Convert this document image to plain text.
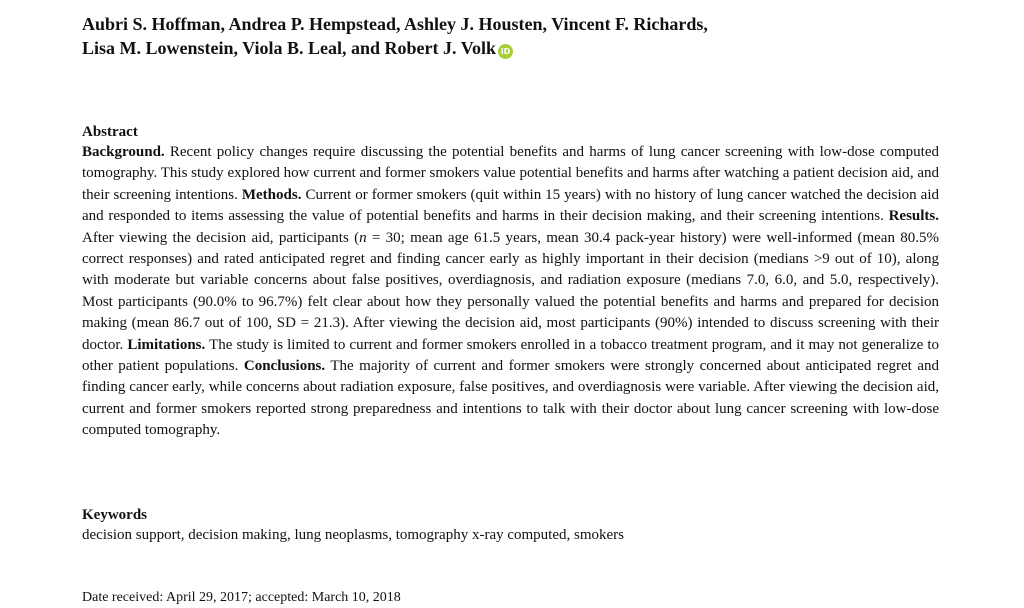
Aubri S. Hoffman, Andrea P. Hempstead, Ashley J. Housten, Vincent F. Richards,
Lisa M. Lowenstein, Viola B. Leal, and Robert J. Volk iD
Abstract
Background. Recent policy changes require discussing the potential benefits and harms of lung cancer screening with low-dose computed tomography. This study explored how current and former smokers value potential benefits and harms after watching a patient decision aid, and their screening intentions. Methods. Current or former smokers (quit within 15 years) with no history of lung cancer watched the decision aid and responded to items assessing the value of potential benefits and harms in their decision making, and their screening intentions. Results. After viewing the decision aid, participants (n = 30; mean age 61.5 years, mean 30.4 pack-year history) were well-informed (mean 80.5% correct responses) and rated anticipated regret and finding cancer early as highly important in their decision (medians >9 out of 10), along with moderate but variable concerns about false positives, overdiagnosis, and radiation exposure (medians 7.0, 6.0, and 5.0, respectively). Most participants (90.0% to 96.7%) felt clear about how they personally valued the potential benefits and harms and prepared for decision making (mean 86.7 out of 100, SD = 21.3). After viewing the decision aid, most participants (90%) intended to discuss screening with their doctor. Limitations. The study is limited to current and former smokers enrolled in a tobacco treatment program, and it may not generalize to other patient populations. Conclusions. The majority of current and former smokers were strongly concerned about anticipated regret and finding cancer early, while concerns about radiation exposure, false positives, and overdiagnosis were variable. After viewing the decision aid, current and former smokers reported strong preparedness and intentions to talk with their doctor about lung cancer screening with low-dose computed tomography.
Keywords
decision support, decision making, lung neoplasms, tomography x-ray computed, smokers
Date received: April 29, 2017; accepted: March 10, 2018
